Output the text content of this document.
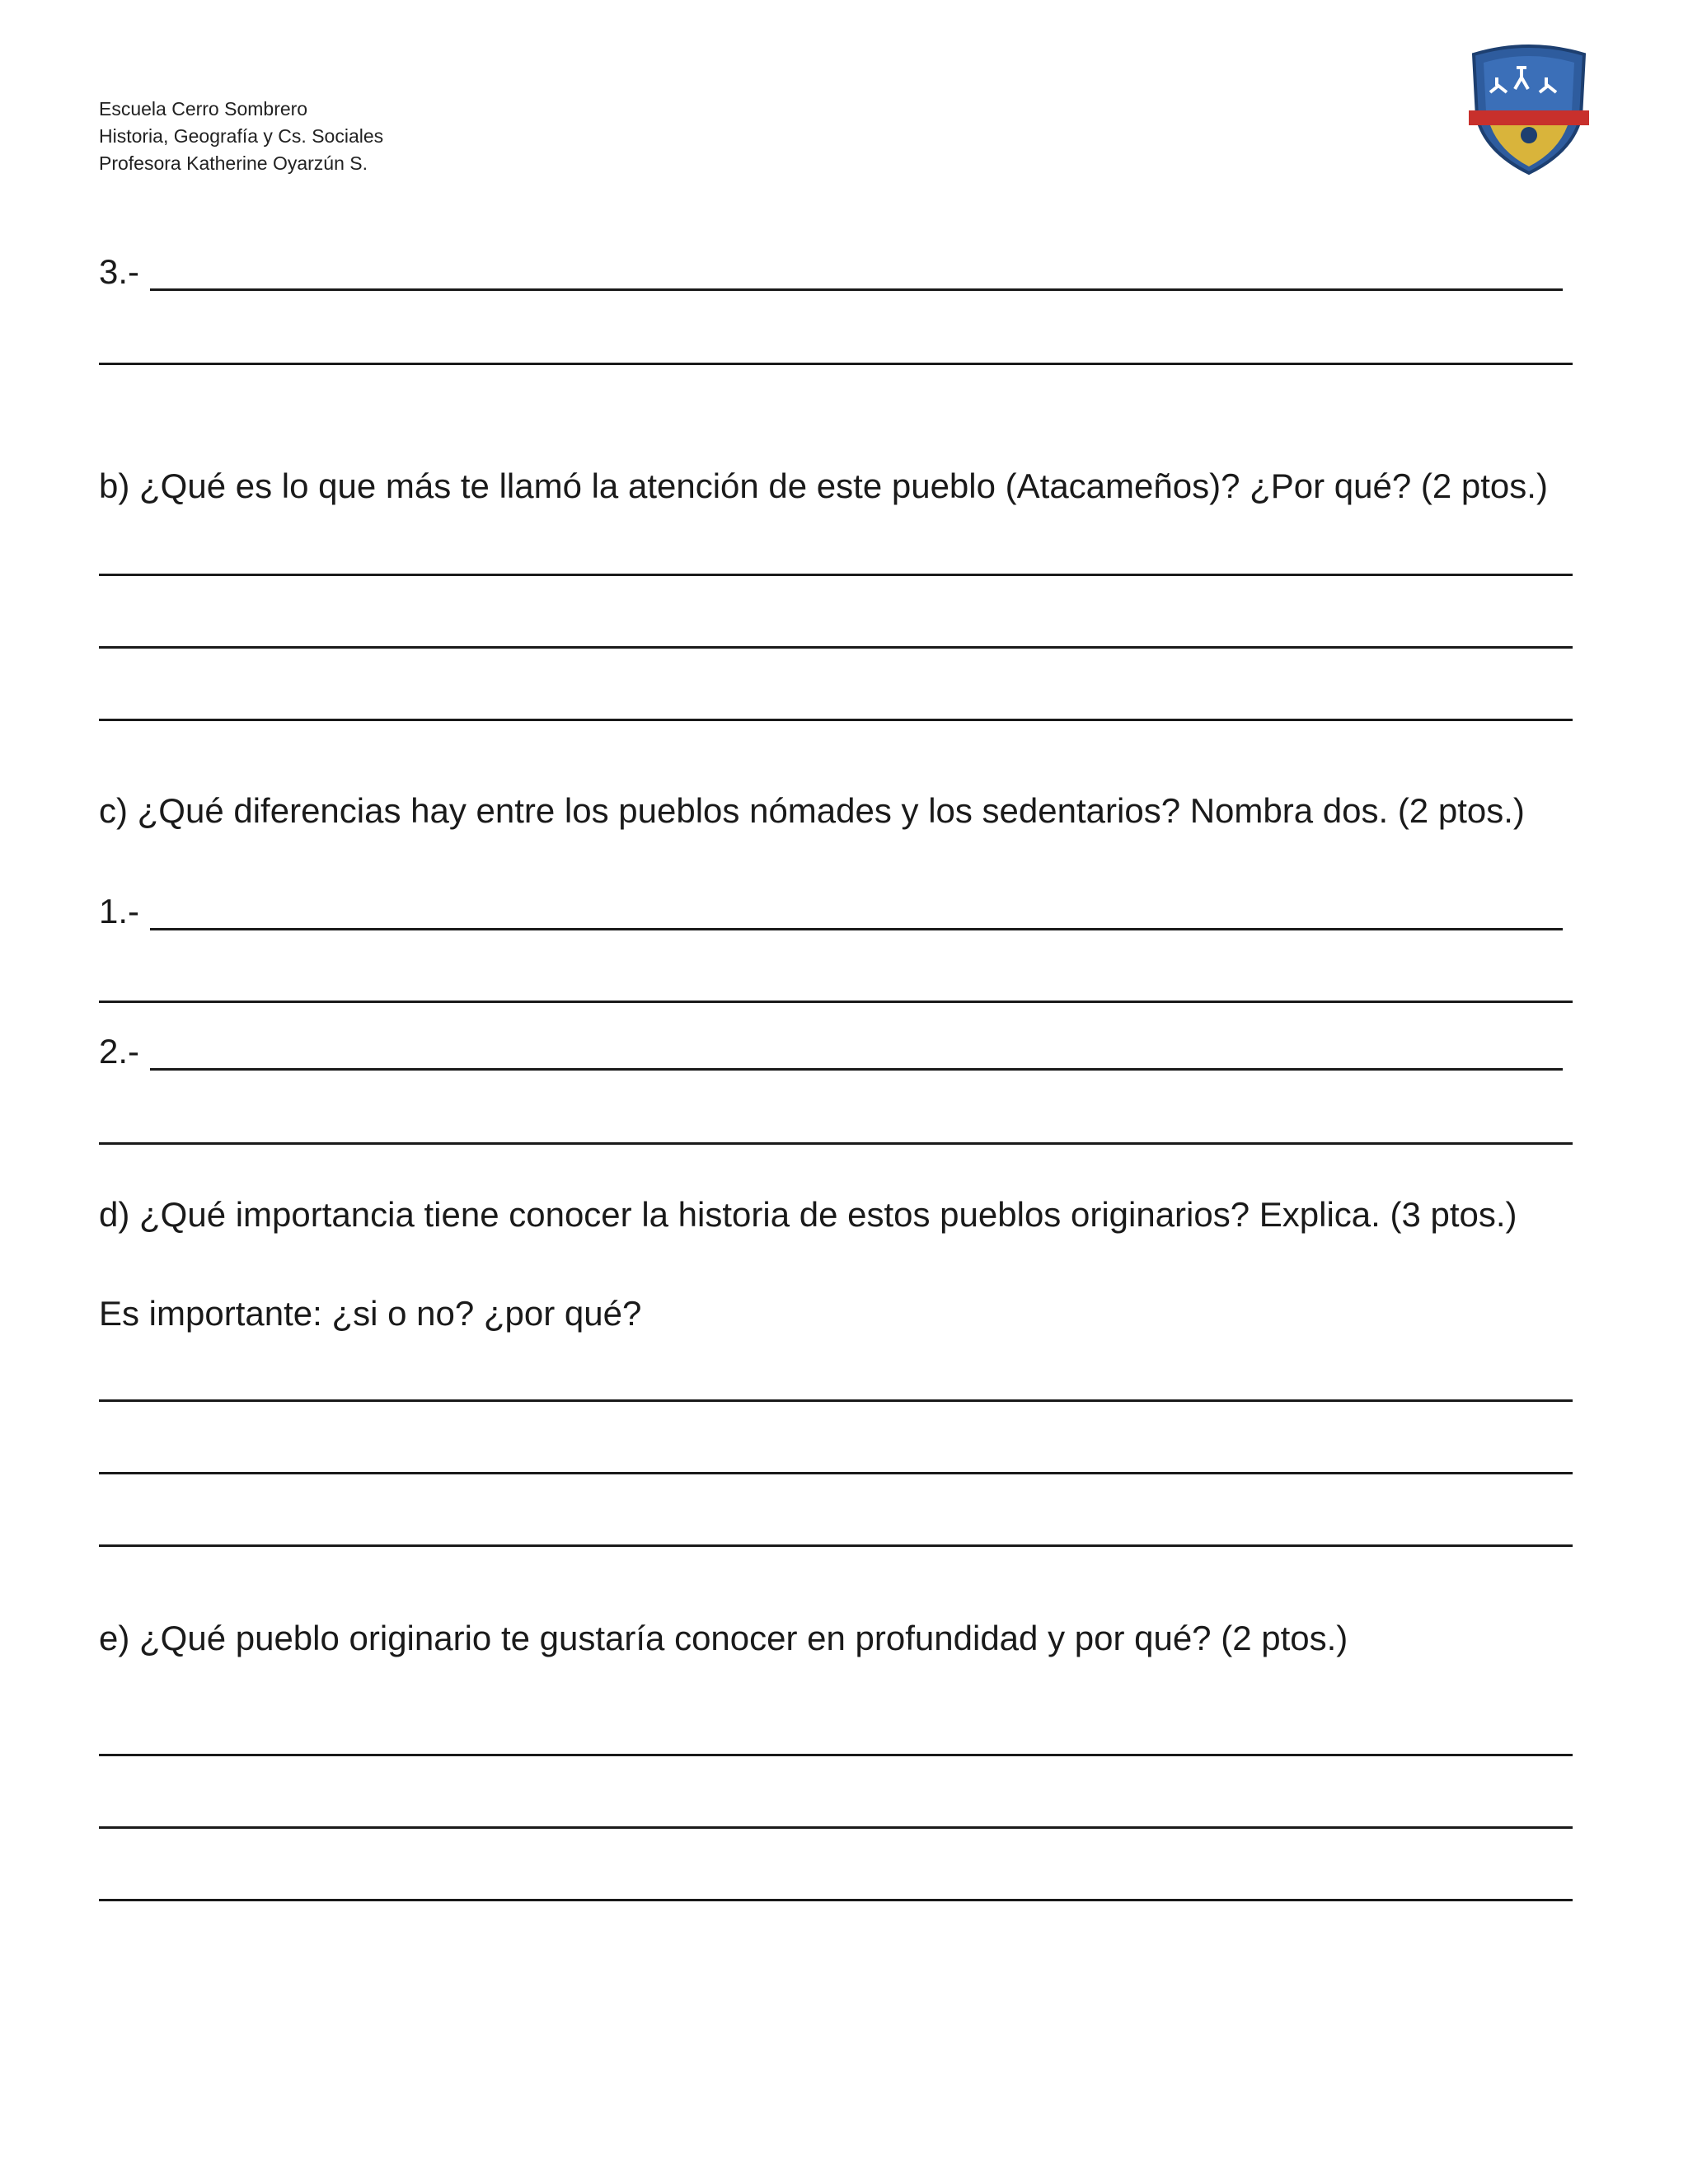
Escuela Cerro Sombrero
Historia, Geografía y Cs. Sociales
Profesora Katherine Oyarzún S.
3.-
b) ¿Qué es lo que más te llamó la atención de este pueblo (Atacameños)? ¿Por qué? (2 ptos.)
c) ¿Qué diferencias hay entre los pueblos nómades y los sedentarios? Nombra dos. (2 ptos.)
1.-
2.-
d) ¿Qué importancia tiene conocer la historia de estos pueblos originarios? Explica. (3 ptos.)
Es importante: ¿si o no? ¿por qué?
e) ¿Qué pueblo originario te gustaría conocer en profundidad y por qué? (2 ptos.)
